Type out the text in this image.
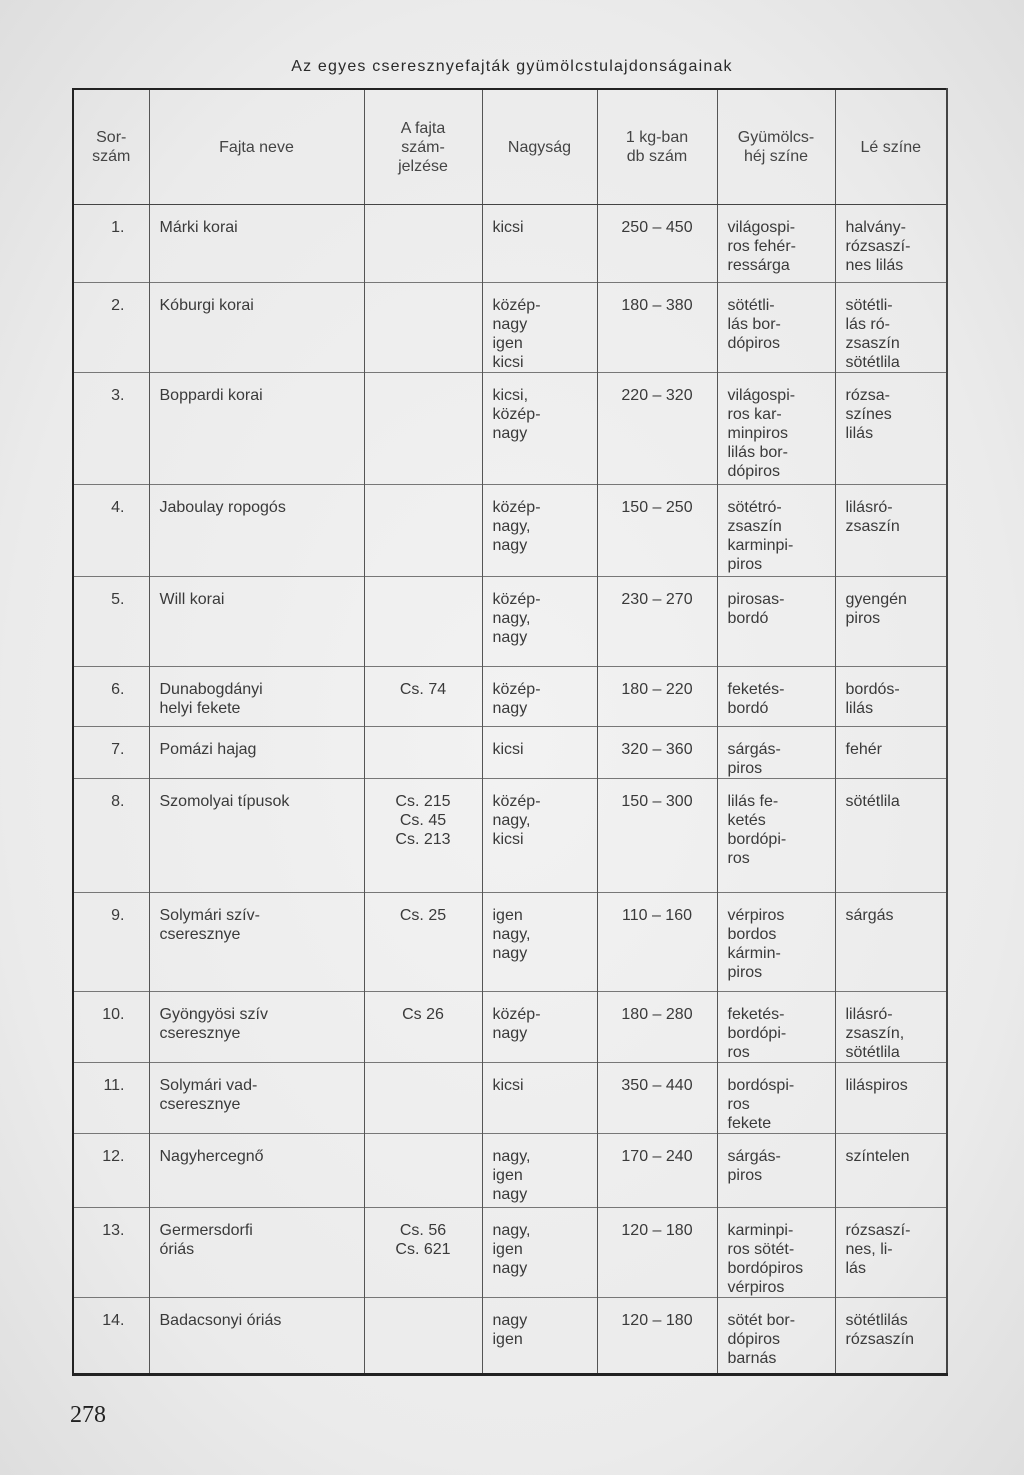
Az egyes cseresznyefajták gyümölcstulajdonságainak
Sor-
szám	Fajta neve	A fajta
szám-
jelzése	Nagyság	1 kg-ban
db szám	Gyümölcs-
héj színe	Lé színe
1.	Márki korai		kicsi	250 – 450	világospi-
ros fehér-
ressárga	halvány-
rózsaszí-
nes lilás
2.	Kóburgi korai		közép-
nagy
igen
kicsi	180 – 380	sötétli-
lás bor-
dópiros	sötétli-
lás ró-
zsaszín
sötétlila
3.	Boppardi korai		kicsi,
közép-
nagy	220 – 320	világospi-
ros kar-
minpiros
lilás bor-
dópiros	rózsa-
színes
lilás
4.	Jaboulay ropogós		közép-
nagy,
nagy	150 – 250	sötétró-
zsaszín
karminpi-
piros	lilásró-
zsaszín
5.	Will korai		közép-
nagy,
nagy	230 – 270	pirosas-
bordó	gyengén
piros
6.	Dunabogdányi
helyi fekete	Cs. 74	közép-
nagy	180 – 220	feketés-
bordó	bordós-
lilás
7.	Pomázi hajag		kicsi	320 – 360	sárgás-
piros	fehér
8.	Szomolyai típusok	Cs. 215
Cs. 45
Cs. 213	közép-
nagy,
kicsi	150 – 300	lilás fe-
ketés
bordópi-
ros	sötétlila
9.	Solymári szív-
cseresznye	Cs. 25	igen
nagy,
nagy	110 – 160	vérpiros
bordos
kármin-
piros	sárgás
10.	Gyöngyösi szív
cseresznye	Cs 26	közép-
nagy	180 – 280	feketés-
bordópi-
ros	lilásró-
zsaszín,
sötétlila
11.	Solymári vad-
cseresznye		kicsi	350 – 440	bordóspi-
ros
fekete	liláspiros
12.	Nagyhercegnő		nagy,
igen
nagy	170 – 240	sárgás-
piros	színtelen
13.	Germersdorfi
óriás	Cs. 56
Cs. 621	nagy,
igen
nagy	120 – 180	karminpi-
ros sötét-
bordópiros
vérpiros	rózsaszí-
nes, li-
lás
14.	Badacsonyi óriás		nagy
igen	120 – 180	sötét bor-
dópiros
barnás	sötétlilás
rózsaszín
278
